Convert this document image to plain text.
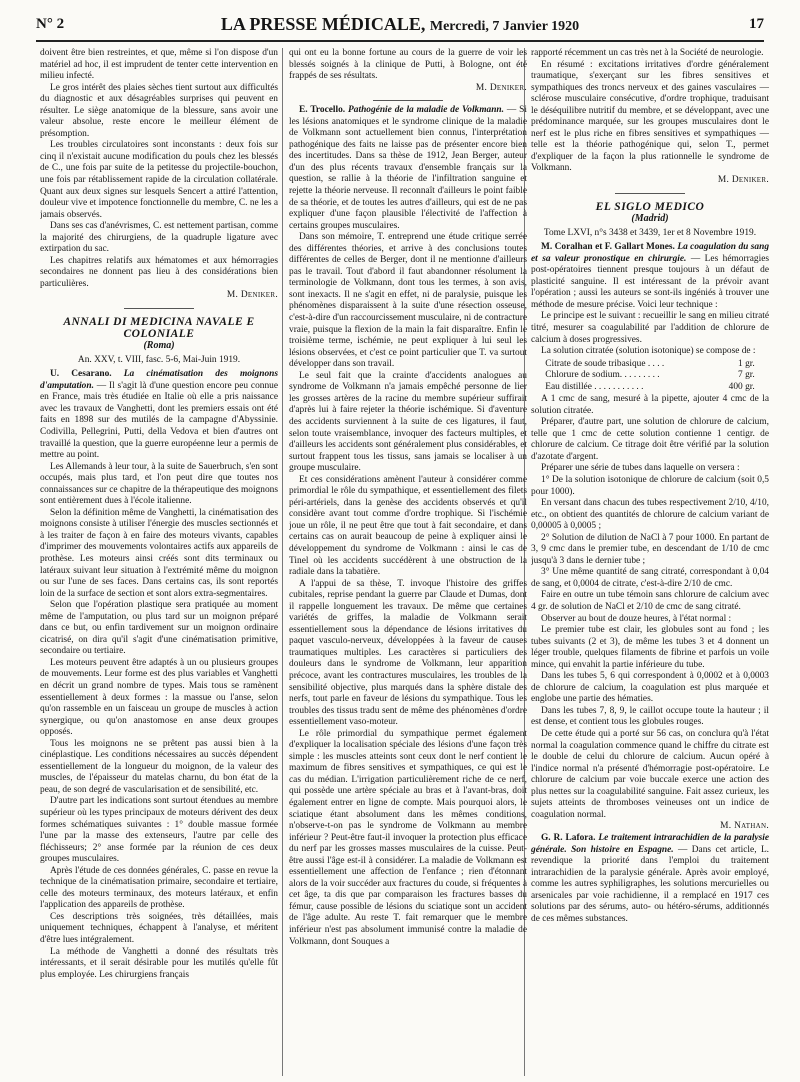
N° 2	LA PRESSE MÉDICALE, Mercredi, 7 Janvier 1920	17

doivent être bien restreintes, et que, même si l'on dispose d'un matériel ad hoc, il est imprudent de tenter cette intervention en milieu infecté.

Le gros intérêt des plaies sèches tient surtout aux difficultés du diagnostic et aux désagréables surprises qui peuvent en résulter. Le siège anatomique de la blessure, sans avoir une valeur absolue, reste encore le meilleur élément de présomption.

Les troubles circulatoires sont inconstants : deux fois sur cinq il n'existait aucune modification du pouls chez les blessés de C., une fois par suite de la petitesse du projectile-bouchon, une fois par rétablissement rapide de la circulation collatérale. Quant aux deux signes sur lesquels Sencert a attiré l'attention, douleur vive et impotence fonctionnelle du membre, C. ne les a jamais observés.

Dans ses cas d'anévrismes, C. est nettement partisan, comme la majorité des chirurgiens, de la quadruple ligature avec extirpation du sac.

Les chapitres relatifs aux hématomes et aux hémorragies secondaires ne donnent pas lieu à des considérations bien particulières.

M. Deniker.

ANNALI DI MEDICINA NAVALE E COLONIALE
(Roma)
An. XXV, t. VIII, fasc. 5-6, Mai-Juin 1919.

U. Cesarano. La cinématisation des moignons d'amputation. — Il s'agit là d'une question encore peu connue en France, mais très étudiée en Italie où elle a pris naissance avec les travaux de Vanghetti, dont les premiers essais ont été faits en 1898 sur des mutilés de la campagne d'Abyssinie. Codivilla, Pellegrini, Putti, della Vedova et bien d'autres ont travaillé la question, que la guerre européenne leur a permis de mettre au point.

Les Allemands à leur tour, à la suite de Sauerbruch, s'en sont occupés, mais plus tard, et l'on peut dire que toutes nos connaissances sur ce chapitre de la thérapeutique des moignons sont entièrement dues à l'école italienne.

Selon la définition même de Vanghetti, la cinématisation des moignons consiste à utiliser l'énergie des muscles sectionnés et à les traiter de façon à en faire des moteurs vivants, capables d'imprimer des mouvements volontaires actifs aux appareils de prothèse. Les moteurs ainsi créés sont dits terminaux ou latéraux suivant leur situation à l'extrémité même du moignon ou sur l'une de ses faces. Dans certains cas, ils sont reportés loin de la surface de section et sont alors extra-segmentaires.

Selon que l'opération plastique sera pratiquée au moment même de l'amputation, ou plus tard sur un moignon préparé dans ce but, ou enfin tardivement sur un moignon ordinaire cicatrisé, on dira qu'il s'agit d'une cinématisation primitive, secondaire ou tertiaire.

Les moteurs peuvent être adaptés à un ou plusieurs groupes de mouvements. Leur forme est des plus variables et Vanghetti en décrit un grand nombre de types. Mais tous se ramènent essentiellement à deux formes : la massue ou l'anse, selon qu'on rassemble en un faisceau un groupe de muscles à action synergique, ou qu'on anastomose en anse deux groupes opposés.

Tous les moignons ne se prêtent pas aussi bien à la cinéplastique. Les conditions nécessaires au succès dépendent essentiellement de la longueur du moignon, de la valeur des muscles, de l'épaisseur du matelas charnu, du bon état de la peau, de son degré de vascularisation et de sensibilité, etc.

D'autre part les indications sont surtout étendues au membre supérieur où les types principaux de moteurs dérivent des deux formes schématiques suivantes : 1° double massue formée l'une par la masse des extenseurs, l'autre par celle des fléchisseurs; 2° anse formée par la réunion de ces deux groupes musculaires.

Après l'étude de ces données générales, C. passe en revue la technique de la cinématisation primaire, secondaire et tertiaire, celle des moteurs terminaux, des moteurs latéraux, et enfin l'application des appareils de prothèse.

Ces descriptions très soignées, très détaillées, mais uniquement techniques, échappent à l'analyse, et méritent d'être lues intégralement.

La méthode de Vanghetti a donné des résultats très intéressants, et il serait désirable pour les mutilés qu'elle fût plus employée. Les chirurgiens français

qui ont eu la bonne fortune au cours de la guerre de voir les blessés soignés à la clinique de Putti, à Bologne, ont été frappés de ses résultats.

M. Deniker.

E. Trocello. Pathogénie de la maladie de Volkmann. — Si les lésions anatomiques et le syndrome clinique de la maladie de Volkmann sont actuellement bien connus, l'interprétation pathogénique des faits ne laisse pas de présenter encore bien des incertitudes. Dans sa thèse de 1912, Jean Berger, auteur d'un des plus récents travaux d'ensemble français sur la question, se rallie à la théorie de l'infiltration sanguine et rejette la théorie nerveuse. Il reconnaît d'ailleurs le point faible de sa théorie, et de toutes les autres d'ailleurs, qui est de ne pas expliquer d'une façon plausible l'électivité de l'affection à certains groupes musculaires.

Dans son mémoire, T. entreprend une étude critique serrée des différentes théories, et arrive à des conclusions toutes différentes de celles de Berger, dont il ne mentionne d'ailleurs pas le travail. Tout d'abord il faut abandonner résolument la terminologie de Volkmann, dont tous les termes, à son avis, sont inexacts. Il ne s'agit en effet, ni de paralysie, puisque les phénomènes disparaissent à la suite d'une résection osseuse, c'est-à-dire d'un raccourcissement musculaire, ni de contracture vraie, puisque la flexion de la main la fait disparaître. Enfin le troisième terme, ischémie, ne peut expliquer à lui seul les lésions observées, et c'est ce point particulier que T. va surtout développer dans son travail.

Le seul fait que la crainte d'accidents analogues au syndrome de Volkmann n'a jamais empêché personne de lier les grosses artères de la racine du membre supérieur suffirait d'après lui à faire rejeter la théorie ischémique. Si d'aventure des accidents surviennent à la suite de ces ligatures, il faut, selon toute vraisemblance, invoquer des facteurs multiples, et d'ailleurs les accidents sont généralement plus considérables, et surtout frappent tous les tissus, sans jamais se localiser à un groupe musculaire.

Et ces considérations amènent l'auteur à considérer comme primordial le rôle du sympathique, et essentiellement des filets péri-artériels, dans la genèse des accidents observés et qu'il considère avant tout comme d'ordre trophique. Si l'ischémie joue un rôle, il ne peut être que tout à fait secondaire, et dans certains cas on aurait beaucoup de peine à expliquer ainsi le développement du syndrome de Volkmann : ainsi le cas de Tinel où les accidents succédèrent à une obstruction de la radiale dans la tabatière.

A l'appui de sa thèse, T. invoque l'histoire des griffes cubitales, reprise pendant la guerre par Claude et Dumas, dont il rappelle longuement les travaux. De même que certaines variétés de griffes, la maladie de Volkmann serait essentiellement sous la dépendance de lésions irritatives du paquet vasculo-nerveux, développées à la faveur de causes traumatiques multiples. Les caractères si particuliers des douleurs dans le syndrome de Volkmann, leur apparition précoce, avant les contractures musculaires, les troubles de la sensibilité objective, plus marqués dans la sphère distale des nerfs, tout parle en faveur de lésions du sympathique. Tous les troubles des tissus tradu sent de même des phénomènes d'ordre essentiellement vaso-moteur.

Le rôle primordial du sympathique permet également d'expliquer la localisation spéciale des lésions d'une façon très simple : les muscles atteints sont ceux dont le nerf contient le maximum de fibres sensitives et sympathiques, ce qui est le cas du médian. L'irrigation particulièrement riche de ce nerf, qui possède une artère spéciale au bras et à l'avant-bras, doit également entrer en ligne de compte. Mais pourquoi alors, le sciatique étant absolument dans les mêmes conditions, n'observe-t-on pas le syndrome de Volkmann au membre inférieur ? Peut-être faut-il invoquer la protection plus efficace du nerf par les grosses masses musculaires de la cuisse. Peut-être aussi l'âge est-il à considérer. La maladie de Volkmann est essentiellement une affection de l'enfance ; rien d'étonnant alors de la voir succéder aux fractures du coude, si fréquentes à cet âge, ta dis que par comparaison les fractures basses du fémur, cause possible de lésions du sciatique sont un accident de l'âge adulte. Au reste T. fait remarquer que le membre inférieur n'est pas absolument immunisé contre la maladie de Volkmann, dont Souques a

rapporté récemment un cas très net à la Société de neurologie.

En résumé : excitations irritatives d'ordre généralement traumatique, s'exerçant sur les fibres sensitives et sympathiques des troncs nerveux et des gaines vasculaires — sclérose musculaire consécutive, d'ordre trophique, traduisant le déséquilibre nutritif du membre, et se développant, avec une prédominance marquée, sur les groupes musculaires dont le nerf est le plus riche en fibres sensitives et sympathiques — telle est la théorie pathogénique qui, selon T., permet d'expliquer de la façon la plus rationnelle le syndrome de Volkmann.

M. Deniker.

EL SIGLO MEDICO
(Madrid)
Tome LXVI, n°s 3438 et 3439, 1er et 8 Novembre 1919.

M. Coralhan et F. Gallart Mones. La coagulation du sang et sa valeur pronostique en chirurgie. — Les hémorragies post-opératoires tiennent presque toujours à un défaut de plasticité sanguine. Il est intéressant de la prévoir avant l'opération ; aussi les auteurs se sont-ils ingéniés à trouver une méthode de mesure précise. Voici leur technique :

Le principe est le suivant : recueillir le sang en milieu citraté titré, mesurer sa coagulabilité par l'addition de chlorure de calcium à doses progressives.

La solution citratée (solution isotonique) se compose de :

Citrate de soude tribasique . . . .	1 gr.
Chlorure de sodium. . . . . . . . .	7 gr.
Eau distillée . . . . . . . . . . .	400 gr.

A 1 cmc de sang, mesuré à la pipette, ajouter 4 cmc de la solution citratée.

Préparer, d'autre part, une solution de chlorure de calcium, telle que 1 cmc de cette solution contienne 1 centigr. de chlorure de calcium. Ce titrage doit être vérifié par la solution d'azotate d'argent.

Préparer une série de tubes dans laquelle on versera :

1° De la solution isotonique de chlorure de calcium (soit 0,5 pour 1000).

En versant dans chacun des tubes respectivement 2/10, 4/10, etc., on obtient des quantités de chlorure de calcium variant de 0,00005 à 0,0005 ;

2° Solution de dilution de NaCl à 7 pour 1000. En partant de 3, 9 cmc dans le premier tube, en descendant de 1/10 de cmc jusqu'à 3 dans le dernier tube ;

3° Une même quantité de sang citraté, correspondant à 0,04 de sang, et 0,0004 de citrate, c'est-à-dire 2/10 de cmc.

Faire en outre un tube témoin sans chlorure de calcium avec 4 gr. de solution de NaCl et 2/10 de cmc de sang citraté.

Observer au bout de douze heures, à l'état normal :

Le premier tube est clair, les globules sont au fond ; les tubes suivants (2 et 3), de même les tubes 3 et 4 donnent un léger trouble, quelques filaments de fibrine et parfois un voile mince, qui envahit la partie inférieure du tube.

Dans les tubes 5, 6 qui correspondent à 0,0002 et à 0,0003 de chlorure de calcium, la coagulation est plus marquée et englobe une partie des hématies.

Dans les tubes 7, 8, 9, le caillot occupe toute la hauteur ; il est dense, et contient tous les globules rouges.

De cette étude qui a porté sur 56 cas, on conclura qu'à l'état normal la coagulation commence quand le chiffre du citrate est le double de celui du chlorure de calcium. Aucun opéré à l'indice normal n'a présenté d'hémorragie post-opératoire. Le chlorure de calcium par voie buccale exerce une action des plus nettes sur la coagulabilité sanguine. Fait assez curieux, les sujets atteints de thromboses veineuses ont un indice de coagulation normal.

M. Nathan.

G. R. Lafora. Le traitement intrarachidien de la paralysie générale. Son histoire en Espagne. — Dans cet article, L. revendique la priorité dans l'emploi du traitement intrarachidien de la paralysie générale. Après avoir employé, comme les autres syphiligraphes, les solutions mercurielles ou arsenicales par voie rachidienne, il a remplacé en 1917 ces solutions par des sérums, auto- ou hétéro-sérums, additionnés de ces mêmes substances.
